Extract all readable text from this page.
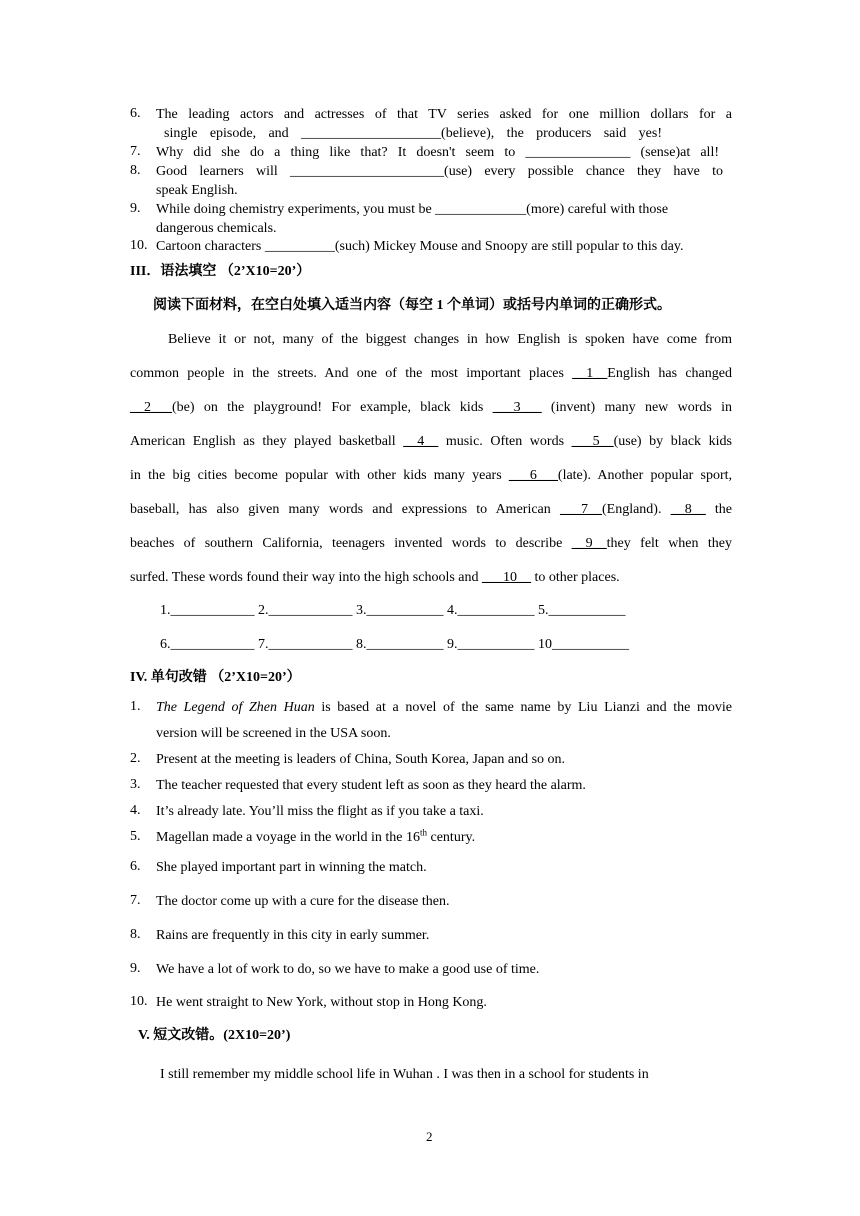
6. The leading actors and actresses of that TV series asked for one million dollars for a
single episode, and ____________________(believe), the producers said yes!
7. Why did she do a thing like that? It doesn't seem to _______________ (sense)at all!
8. Good learners will ______________________(use) every possible chance they have to
speak English.
9. While doing chemistry experiments, you must be _____________(more) careful with those
dangerous chemicals.
10. Cartoon characters __________(such) Mickey Mouse and Snoopy are still popular to this day.
III．语法填空 （2’X10=20’）
阅读下面材料，在空白处填入适当内容（每空 1 个单词）或括号内单词的正确形式。
Believe it or not, many of the biggest changes in how English is spoken have come from
common people in the streets. And one of the most important places __1__English has changed
__2___(be) on the playground! For example, black kids ___3___ (invent) many new words in
American English as they played basketball __4__ music. Often words ___5__(use) by black kids
in the big cities become popular with other kids many years ___6___(late). Another popular sport,
baseball, has also given many words and expressions to American ___7__(England). __8__ the
beaches of southern California, teenagers invented words to describe __9__they felt when they
surfed. These words found their way into the high schools and ___10__ to other places.
1.____________ 2.____________ 3.___________ 4.___________ 5.___________
6.____________ 7.____________ 8.___________ 9.___________ 10___________
IV. 单句改错 （2’X10=20’）
1. The Legend of Zhen Huan is based at a novel of the same name by Liu Lianzi and the movie
version will be screened in the USA soon.
2. Present at the meeting is leaders of China, South Korea, Japan and so on.
3. The teacher requested that every student left as soon as they heard the alarm.
4. It’s already late. You’ll miss the flight as if you take a taxi.
5. Magellan made a voyage in the world in the 16th century.
6. She played important part in winning the match.
7. The doctor come up with a cure for the disease then.
8. Rains are frequently in this city in early summer.
9. We have a lot of work to do, so we have to make a good use of time.
10. He went straight to New York, without stop in Hong Kong.
V. 短文改错。(2X10=20’)
I still remember my middle school life in Wuhan . I was then in a school for students in
2
